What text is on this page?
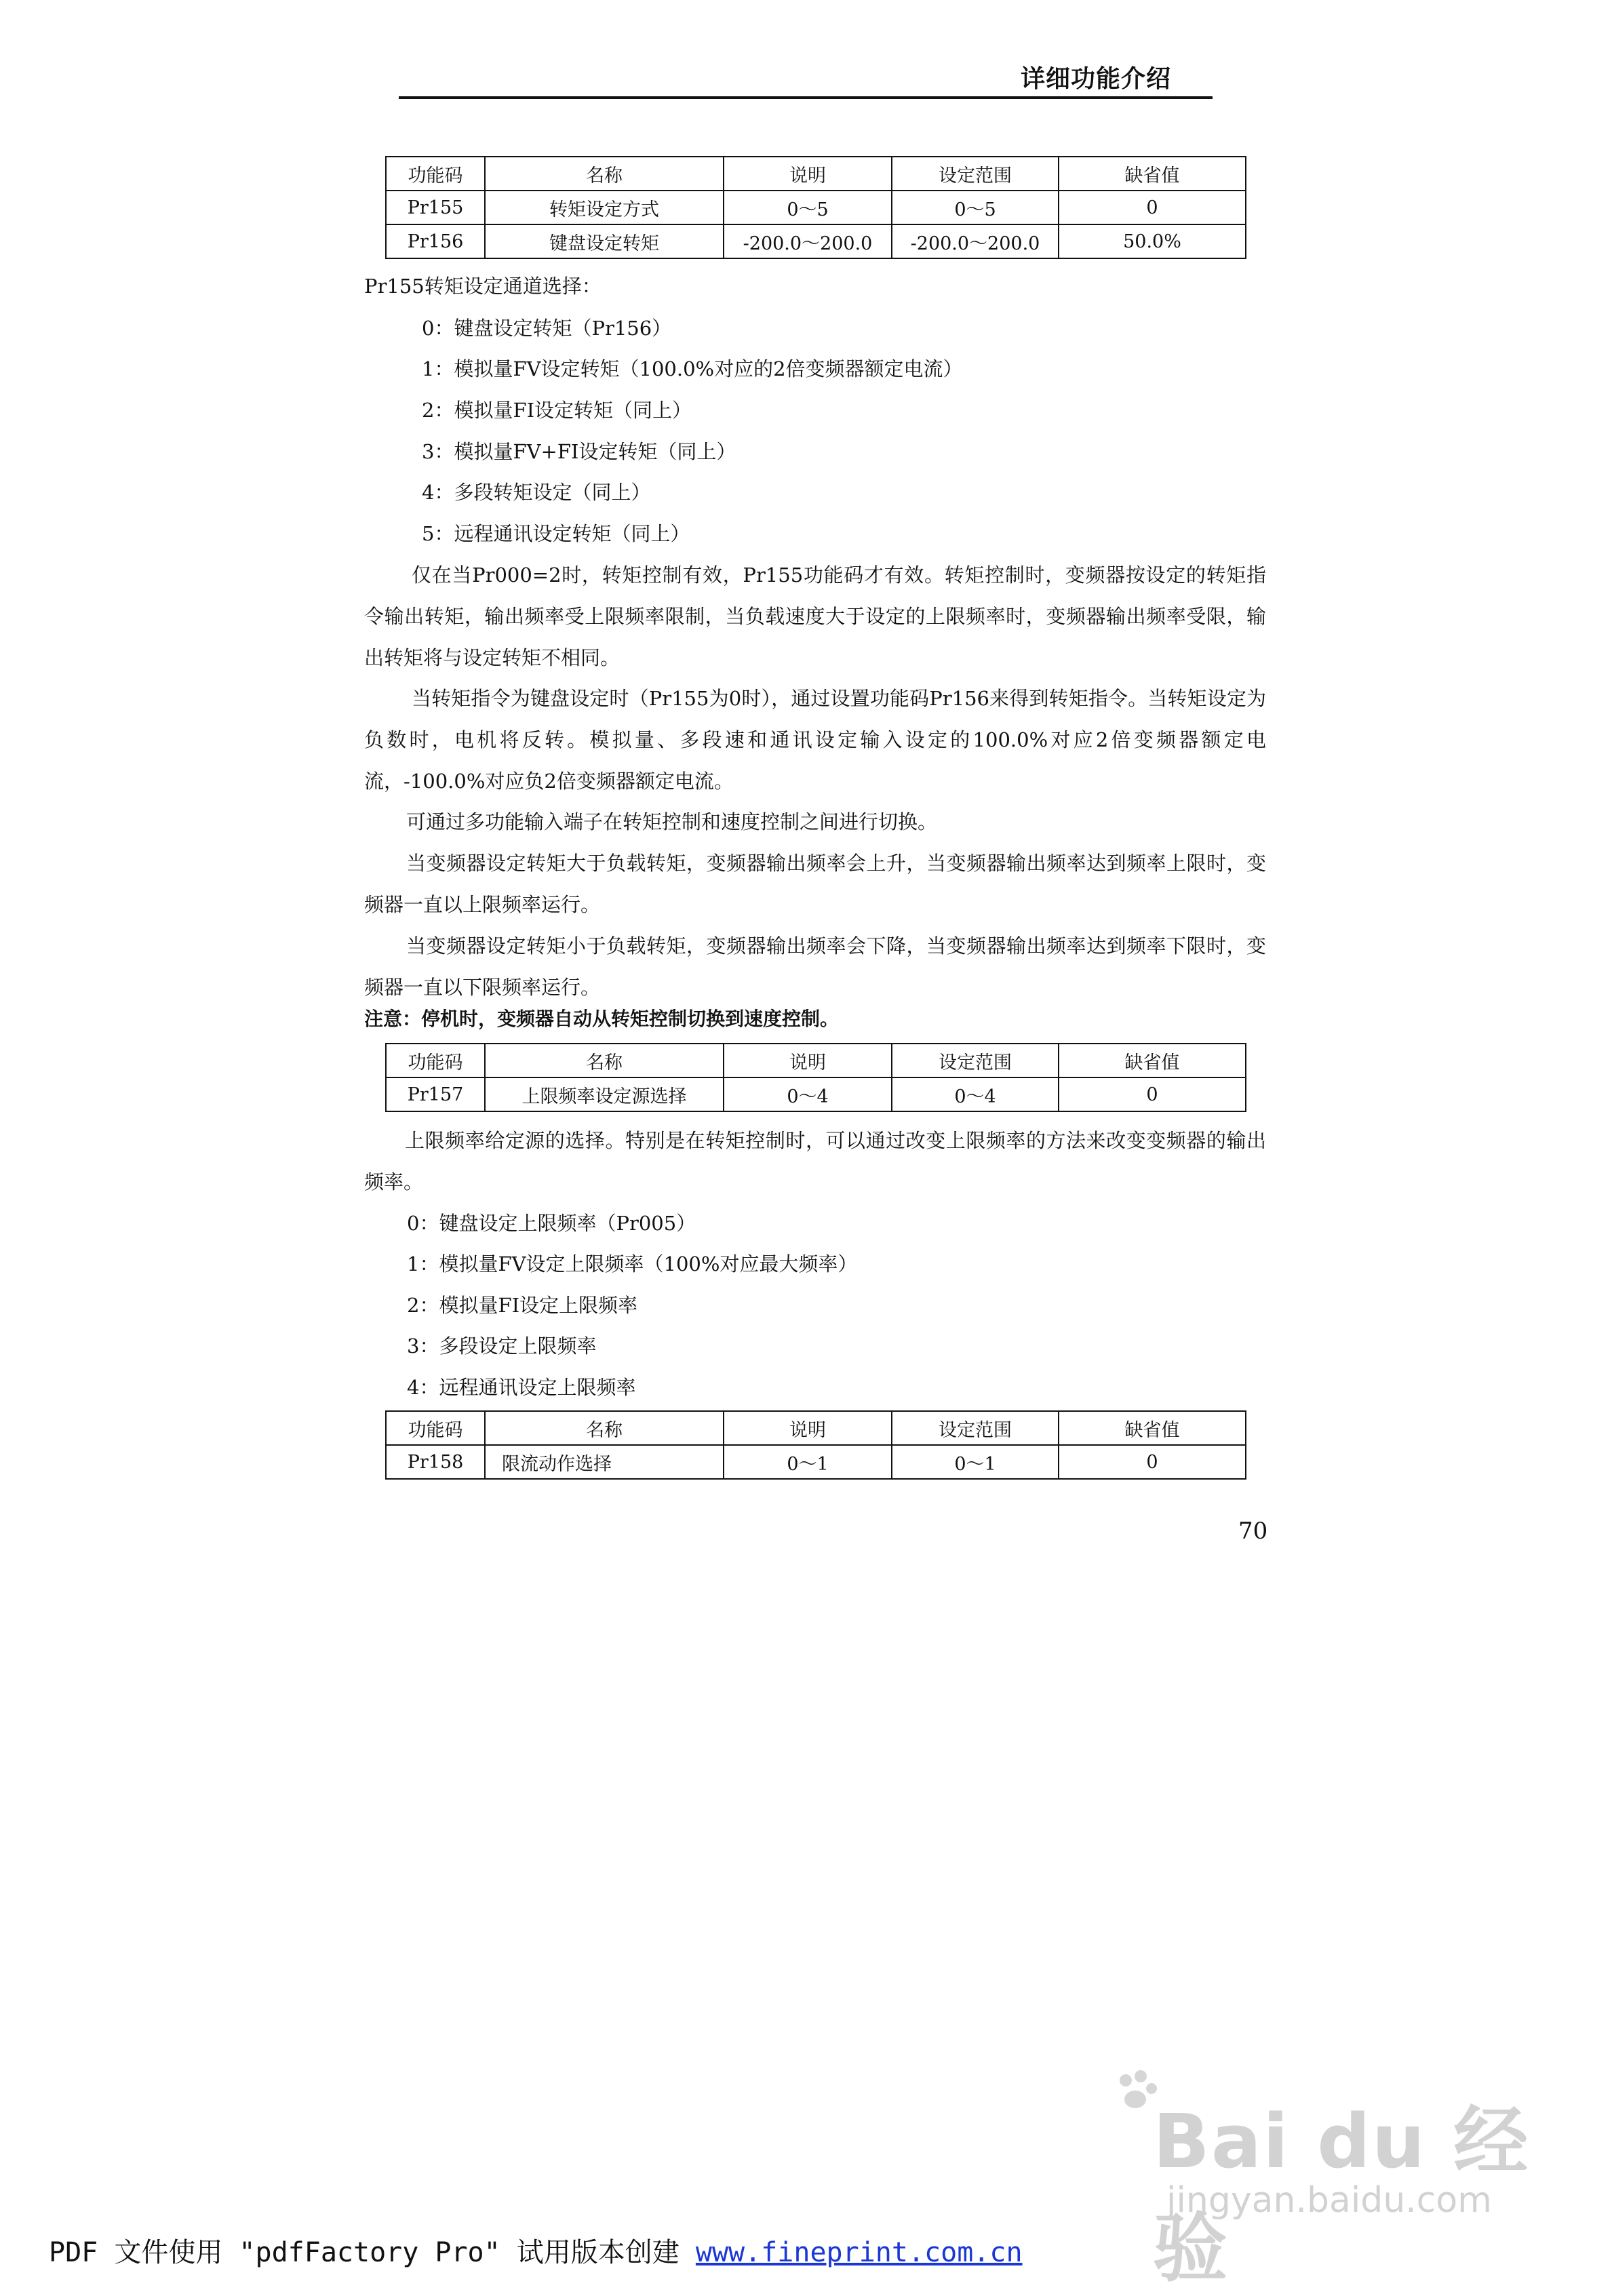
详细功能介绍
功能码	名称	说明	设定范围	缺省值
Pr155	转矩设定方式	0～5	0～5	0
Pr156	键盘设定转矩	-200.0～200.0	-200.0～200.0	50.0%
Pr155转矩设定通道选择：
0：键盘设定转矩（Pr156）
1：模拟量FV设定转矩（100.0%对应的2倍变频器额定电流）
2：模拟量FI设定转矩（同上）
3：模拟量FV+FI设定转矩（同上）
4：多段转矩设定（同上）
5：远程通讯设定转矩（同上）
仅在当Pr000=2时，转矩控制有效，Pr155功能码才有效。转矩控制时，变频器按设定的转矩指令输出转矩，输出频率受上限频率限制，当负载速度大于设定的上限频率时，变频器输出频率受限，输出转矩将与设定转矩不相同。
当转矩指令为键盘设定时（Pr155为0时），通过设置功能码Pr156来得到转矩指令。当转矩设定为负数时，电机将反转。模拟量、多段速和通讯设定输入设定的100.0%对应2倍变频器额定电流，-100.0%对应负2倍变频器额定电流。
可通过多功能输入端子在转矩控制和速度控制之间进行切换。
当变频器设定转矩大于负载转矩，变频器输出频率会上升，当变频器输出频率达到频率上限时，变频器一直以上限频率运行。
当变频器设定转矩小于负载转矩，变频器输出频率会下降，当变频器输出频率达到频率下限时，变频器一直以下限频率运行。
注意：停机时，变频器自动从转矩控制切换到速度控制。
功能码	名称	说明	设定范围	缺省值
Pr157	上限频率设定源选择	0～4	0～4	0
上限频率给定源的选择。特别是在转矩控制时，可以通过改变上限频率的方法来改变变频器的输出频率。
0：键盘设定上限频率（Pr005）
1：模拟量FV设定上限频率（100%对应最大频率）
2：模拟量FI设定上限频率
3：多段设定上限频率
4：远程通讯设定上限频率
功能码	名称	说明	设定范围	缺省值
Pr158	限流动作选择	0～1	0～1	0
70
Bai du 经验
jingyan.baidu.com
PDF 文件使用 "pdfFactory Pro" 试用版本创建 www.fineprint.com.cn
